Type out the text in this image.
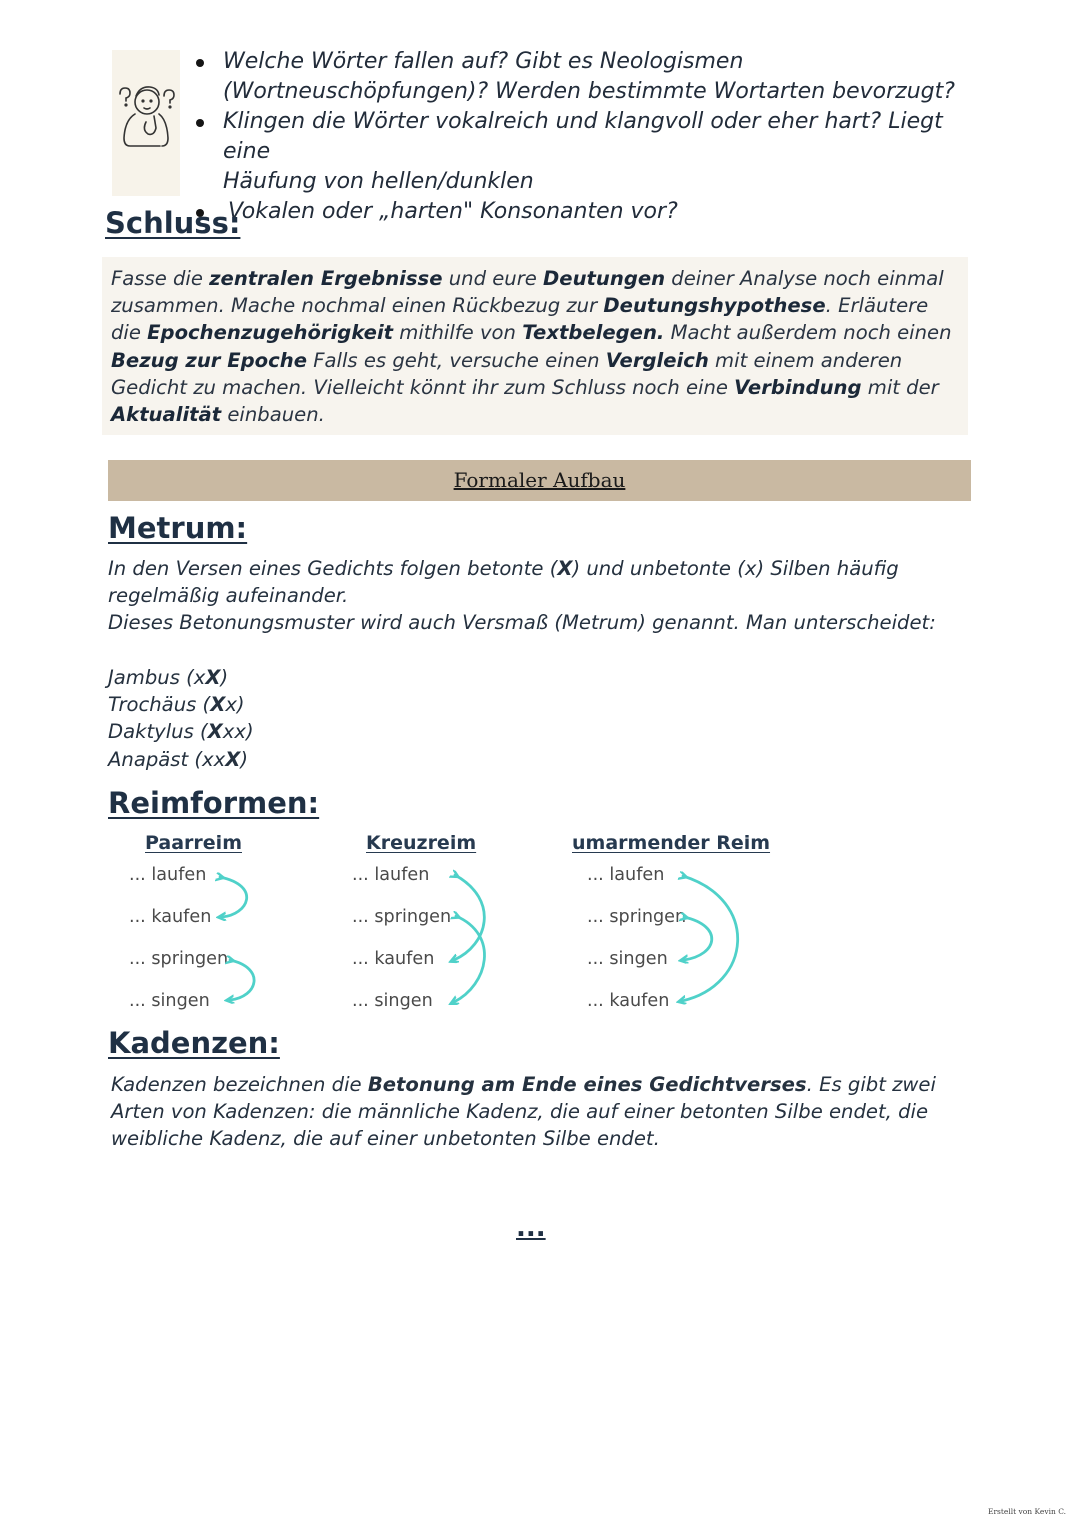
Welche Wörter fallen auf? Gibt es Neologismen
(Wortneuschöpfungen)? Werden bestimmte Wortarten bevorzugt?
Klingen die Wörter vokalreich und klangvoll oder eher hart? Liegt eine
Häufung von hellen/dunklen
Vokalen oder „harten" Konsonanten vor?
Schluss:
Fasse die zentralen Ergebnisse und eure Deutungen deiner Analyse noch einmal zusammen. Mache nochmal einen Rückbezug zur Deutungshypothese. Erläutere die Epochenzugehörigkeit mithilfe von Textbelegen. Macht außerdem noch einen Bezug zur Epoche Falls es geht, versuche einen Vergleich mit einem anderen Gedicht zu machen. Vielleicht könnt ihr zum Schluss noch eine Verbindung mit der Aktualität einbauen.
Formaler Aufbau
Metrum:
In den Versen eines Gedichts folgen betonte (X) und unbetonte (x) Silben häufig
regelmäßig aufeinander.
Dieses Betonungsmuster wird auch Versmaß (Metrum) genannt. Man unterscheidet:
Jambus (xX)
Trochäus (Xx)
Daktylus (Xxx)
Anapäst (xxX)
Reimformen:
Paarreim
... laufen
... kaufen
... springen
... singen
Kreuzreim
... laufen
... springen
... kaufen
... singen
umarmender Reim
... laufen
... springen
... singen
... kaufen
Kadenzen:
Kadenzen bezeichnen die Betonung am Ende eines Gedichtverses. Es gibt zwei Arten von Kadenzen: die männliche Kadenz, die auf einer betonten Silbe endet, die weibliche Kadenz, die auf einer unbetonten Silbe endet.
...
Erstellt von Kevin C.
